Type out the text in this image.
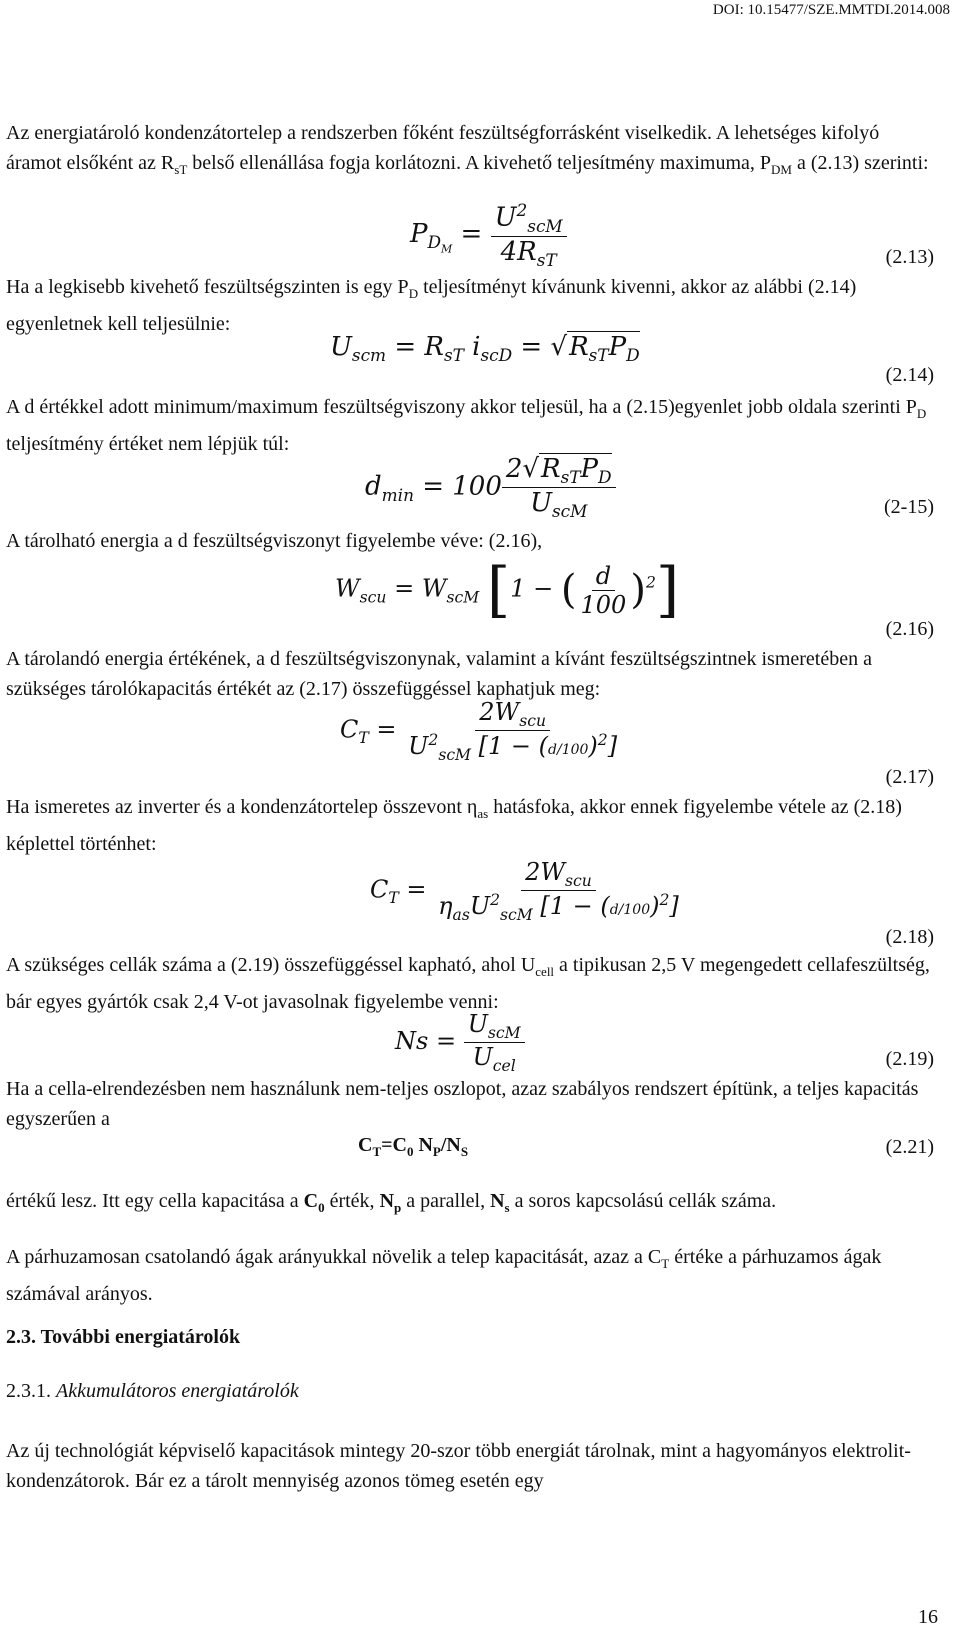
DOI: 10.15477/SZE.MMTDI.2014.008

Az energiatároló kondenzátortelep a rendszerben főként feszültségforrásként viselkedik. A lehetséges kifolyó áramot elsőként az $R_{sT}$ belső ellenállása fogja korlátozni. A kivehető teljesítmény maximuma, $P_{DM}$ a (2.13) szerinti:

$P_{D_M} = \frac{U^2_{scM}}{4R_{sT}}$	(2.13)

Ha a legkisebb kivehető feszültségszinten is egy $P_D$ teljesítményt kívánunk kivenni, akkor az alábbi (2.14) egyenletnek kell teljesülnie:

$U_{scm} = R_{sT}$ $i_{scD} = √R_{sT}P_D$
(2.14)

A d értékkel adott minimum/maximum feszültségviszony akkor teljesül, ha a (2.15)egyenlet jobb oldala szerinti $P_D$ teljesítmény értéket nem lépjük túl:

$d_{min} = 100 \frac{2√R_{sT}P_D}{U_{scM}}$	(2-15)

A tárolható energia a d feszültségviszonyt figyelembe véve: (2.16),

$W_{scu} = W_{scM}$ [1 − ( $\frac{d}{100} )^2$]
(2.16)

A tárolandó energia értékének, a d feszültségviszonynak, valamint a kívánt feszültségszintnek ismeretében a szükséges tárolókapacitás értékét az (2.17) összefüggéssel kaphatjuk meg:

$C_T = \frac{2W_{scu}}{U^2_{scM} [1 - (d/100)^2]}$
(2.17)

Ha ismeretes az inverter és a kondenzátortelep összevont $\eta_{as}$ hatásfoka, akkor ennek figyelembe vétele az (2.18) képlettel történhet:

$C_T = \frac{2W_{scu}}{\eta_{as}U^2_{scM} [1 - (d/100)^2]}$
(2.18)

A szükséges cellák száma a (2.19) összefüggéssel kapható, ahol $U_{cell}$ a tipikusan 2,5 V megengedett cellafeszültség, bár egyes gyártók csak 2,4 V-ot javasolnak figyelembe venni:

$Ns = \frac{U_{scM}}{U_{cel}}$	(2.19)

Ha a cella-elrendezésben nem használunk nem-teljes oszlopot, azaz szabályos rendszert építünk, a teljes kapacitás egyszerűen a

$C_T=C_0$ $N_P/N_S$	(2.21)

értékű lesz. Itt egy cella kapacitása a $C_0$ érték, $N_p$ a parallel, $N_s$ a soros kapcsolású cellák száma.

A párhuzamosan csatolandó ágak arányukkal növelik a telep kapacitását, azaz a $C_T$ értéke a párhuzamos ágak számával arányos.

2.3. További energiatárolók
2.3.1. Akkumulátoros energiatárolók

Az új technológiát képviselő kapacitások mintegy 20-szor több energiát tárolnak, mint a hagyományos elektrolit-kondenzátorok. Bár ez a tárolt mennyiség azonos tömeg esetén egy

16
